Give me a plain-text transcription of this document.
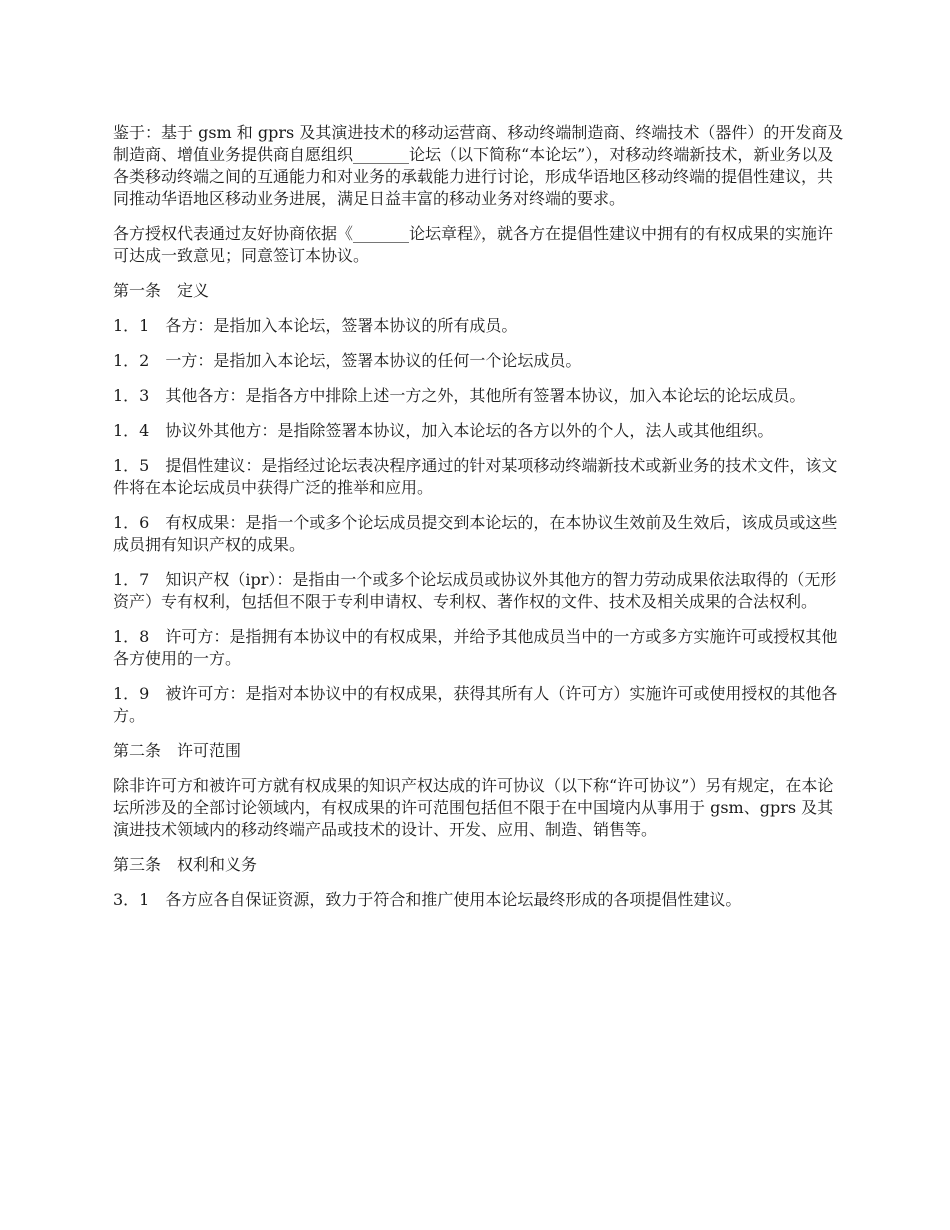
鉴于：基于 gsm 和 gprs 及其演进技术的移动运营商、移动终端制造商、终端技术（器件）的开发商及制造商、增值业务提供商自愿组织_______论坛（以下简称“本论坛”），对移动终端新技术，新业务以及各类移动终端之间的互通能力和对业务的承载能力进行讨论，形成华语地区移动终端的提倡性建议，共同推动华语地区移动业务进展，满足日益丰富的移动业务对终端的要求。

各方授权代表通过友好协商依据《_______论坛章程》，就各方在提倡性建议中拥有的有权成果的实施许可达成一致意见；同意签订本协议。

第一条　定义

1．1　各方：是指加入本论坛，签署本协议的所有成员。

1．2　一方：是指加入本论坛，签署本协议的任何一个论坛成员。

1．3　其他各方：是指各方中排除上述一方之外，其他所有签署本协议，加入本论坛的论坛成员。

1．4　协议外其他方：是指除签署本协议，加入本论坛的各方以外的个人，法人或其他组织。

1．5　提倡性建议：是指经过论坛表决程序通过的针对某项移动终端新技术或新业务的技术文件，该文件将在本论坛成员中获得广泛的推举和应用。

1．6　有权成果：是指一个或多个论坛成员提交到本论坛的，在本协议生效前及生效后，该成员或这些成员拥有知识产权的成果。

1．7　知识产权（ipr）：是指由一个或多个论坛成员或协议外其他方的智力劳动成果依法取得的（无形资产）专有权利，包括但不限于专利申请权、专利权、著作权的文件、技术及相关成果的合法权利。

1．8　许可方：是指拥有本协议中的有权成果，并给予其他成员当中的一方或多方实施许可或授权其他各方使用的一方。

1．9　被许可方：是指对本协议中的有权成果，获得其所有人（许可方）实施许可或使用授权的其他各方。

第二条　许可范围

除非许可方和被许可方就有权成果的知识产权达成的许可协议（以下称“许可协议”）另有规定，在本论坛所涉及的全部讨论领域内，有权成果的许可范围包括但不限于在中国境内从事用于 gsm、gprs 及其演进技术领域内的移动终端产品或技术的设计、开发、应用、制造、销售等。

第三条　权利和义务

3．1　各方应各自保证资源，致力于符合和推广使用本论坛最终形成的各项提倡性建议。
